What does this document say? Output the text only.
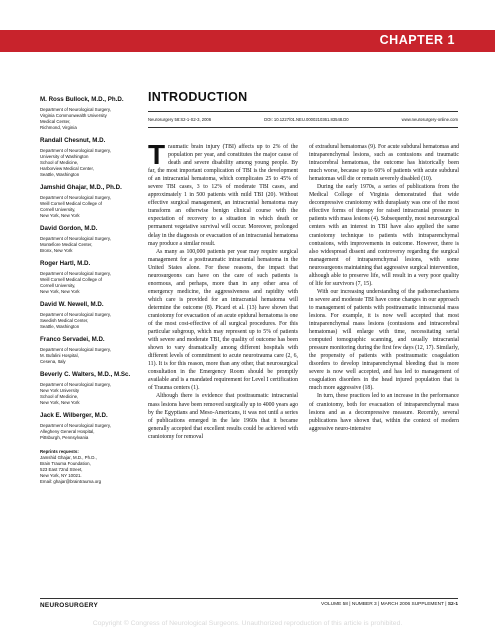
CHAPTER 1
M. Ross Bullock, M.D., Ph.D.
Department of Neurological Surgery,
Virginia Commonwealth University
Medical Center,
Richmond, Virginia
Randall Chesnut, M.D.
Department of Neurological Surgery,
University of Washington
School of Medicine,
Harborview Medical Center,
Seattle, Washington
Jamshid Ghajar, M.D., Ph.D.
Department of Neurological Surgery,
Weill Cornell Medical College of
Cornell University,
New York, New York
David Gordon, M.D.
Department of Neurological Surgery,
Montefiore Medical Center,
Bronx, New York
Roger Hartl, M.D.
Department of Neurological Surgery,
Weill Cornell Medical College of
Cornell University,
New York, New York
David W. Newell, M.D.
Department of Neurological Surgery,
Swedish Medical Center,
Seattle, Washington
Franco Servadei, M.D.
Department of Neurological Surgery,
M. Bufalini Hospital,
Cesena, Italy
Beverly C. Walters, M.D., M.Sc.
Department of Neurological Surgery,
New York University
School of Medicine,
New York, New York
Jack E. Wilberger, M.D.
Department of Neurological Surgery,
Allegheny General Hospital,
Pittsburgh, Pennsylvania
Reprints requests:
Jamshid Ghajar, M.D., Ph.D.,
Brain Trauma Foundation,
523 East 72nd Street,
New York, NY 10021.
Email: ghajar@braintrauma.org
INTRODUCTION
Neurosurgery 58:S2-1-S2-3, 2006	DOI: 10.1227/01.NEU.0000210361.83548.D0	www.neurosurgery-online.com

Traumatic brain injury (TBI) affects up to 2% of the population per year, and constitutes the major cause of death and severe disability among young people. By far, the most important complication of TBI is the development of an intracranial hematoma, which complicates 25 to 45% of severe TBI cases, 3 to 12% of moderate TBI cases, and approximately 1 in 500 patients with mild TBI (20). Without effective surgical management, an intracranial hematoma may transform an otherwise benign clinical course with the expectation of recovery to a situation in which death or permanent vegetative survival will occur. Moreover, prolonged delay in the diagnosis or evacuation of an intracranial hematoma may produce a similar result.

As many as 100,000 patients per year may require surgical management for a posttraumatic intracranial hematoma in the United States alone. For these reasons, the impact that neurosurgeons can have on the care of such patients is enormous, and perhaps, more than in any other area of emergency medicine, the aggressiveness and rapidity with which care is provided for an intracranial hematoma will determine the outcome (8). Picard et al. (13) have shown that craniotomy for evacuation of an acute epidural hematoma is one of the most cost-effective of all surgical procedures. For this particular subgroup, which may represent up to 5% of patients with severe and moderate TBI, the quality of outcome has been shown to vary dramatically among different hospitals with different levels of commitment to acute neurotrauma care (2, 6, 11). It is for this reason, more than any other, that neurosurgical consultation in the Emergency Room should be promptly available and is a mandated requirement for Level I certification of Trauma centers (1).

Although there is evidence that posttraumatic intracranial mass lesions have been removed surgically up to 4000 years ago by the Egyptians and Meso-Americans, it was not until a series of publications emerged in the late 1960s that it became generally accepted that excellent results could be achieved with craniotomy for removal

of extradural hematomas (9). For acute subdural hematomas and intraparenchymal lesions, such as contusions and traumatic intracerebral hematomas, the outcome has historically been much worse, because up to 60% of patients with acute subdural hematomas will die or remain severely disabled (10).

During the early 1970s, a series of publications from the Medical College of Virginia demonstrated that wide decompressive craniotomy with duraplasty was one of the most effective forms of therapy for raised intracranial pressure in patients with mass lesions (4). Subsequently, most neurosurgical centers with an interest in TBI have also applied the same craniotomy technique to patients with intraparenchymal contusions, with improvements in outcome. However, there is also widespread dissent and controversy regarding the surgical management of intraparenchymal lesions, with some neurosurgeons maintaining that aggressive surgical intervention, although able to preserve life, will result in a very poor quality of life for survivors (7, 15).

With our increasing understanding of the pathomechanisms in severe and moderate TBI have come changes in our approach to management of patients with posttraumatic intracranial mass lesions. For example, it is now well accepted that most intraparenchymal mass lesions (contusions and intracerebral hematomas) will enlarge with time, necessitating serial computed tomographic scanning, and usually intracranial pressure monitoring during the first few days (12, 17). Similarly, the propensity of patients with posttraumatic coagulation disorders to develop intraparenchymal bleeding that is more severe is now well accepted, and has led to management of coagulation disorders in the head injured population that is much more aggressive (18).

In turn, these practices led to an increase in the performance of craniotomy, both for evacuation of intraparenchymal mass lesions and as a decompressive measure. Recently, several publications have shown that, within the context of modern aggressive neuro-intensive

NEUROSURGERY	VOLUME 58 | NUMBER 3 | MARCH 2006 SUPPLEMENT | S2-1
Copyright © Congress of Neurological Surgeons. Unauthorized reproduction of this article is prohibited.
